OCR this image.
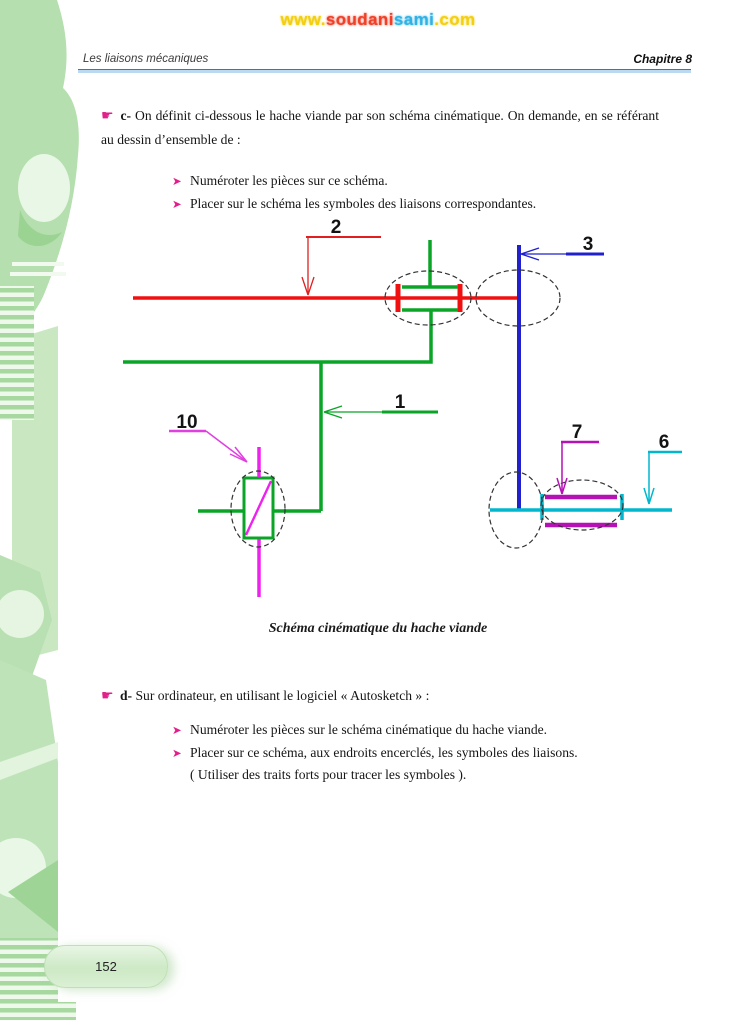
www.soudanisami.com
Les liaisons mécaniques	Chapitre 8
☛ c- On définit ci-dessous le hache viande par son schéma cinématique. On demande, en se référant au dessin d’ensemble de :
➤ Numéroter les pièces sur ce schéma.
➤ Placer sur le schéma les symboles des liaisons correspondantes.
2
3
1
10	7	6
Schéma cinématique du hache viande
☛ d- Sur ordinateur, en utilisant le logiciel « Autosketch » :
➤ Numéroter les pièces sur le schéma cinématique du hache viande.
➤ Placer sur ce schéma, aux endroits encerclés, les symboles des liaisons.
( Utiliser des traits forts pour tracer les symboles ).
152
